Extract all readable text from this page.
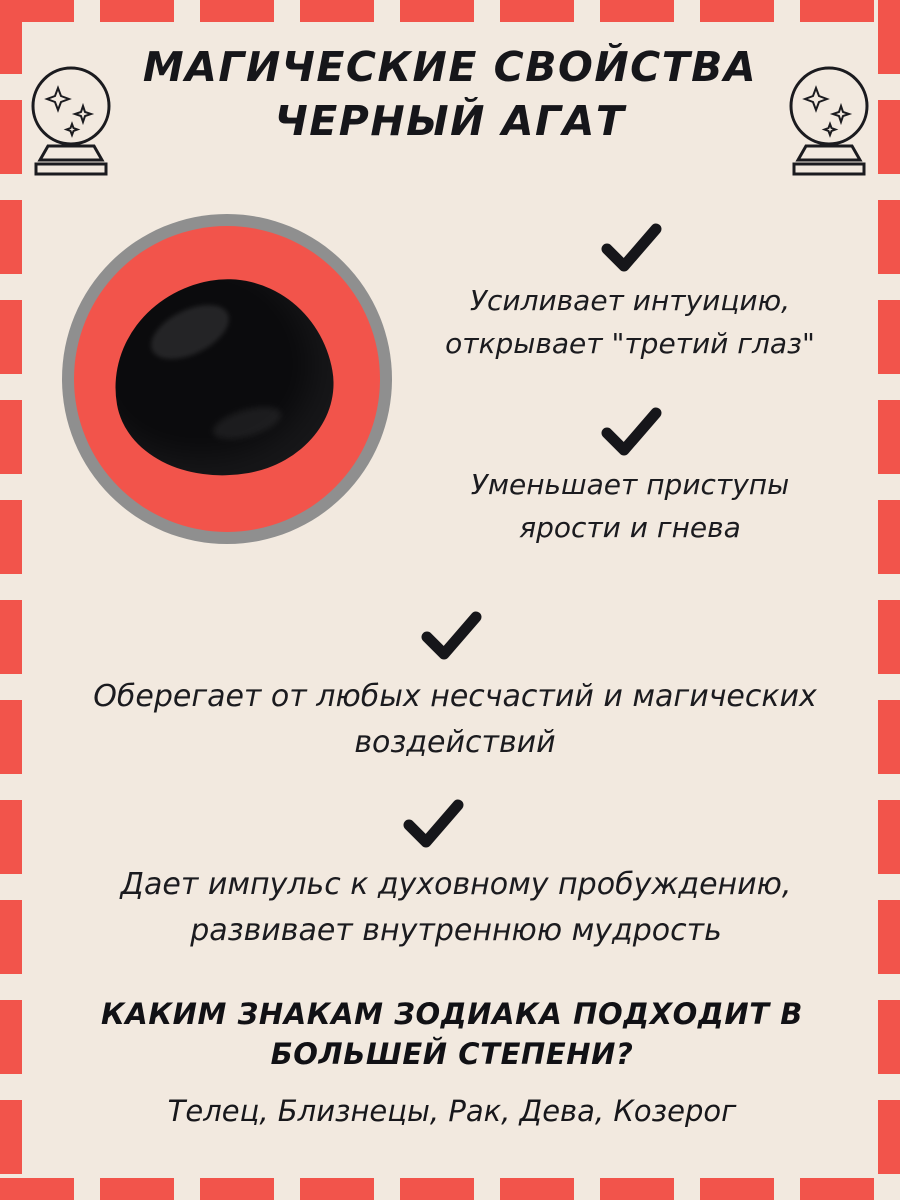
МАГИЧЕСКИЕ СВОЙСТВА
ЧЕРНЫЙ АГАТ
Усиливает интуицию, открывает "третий глаз"
Уменьшает приступы ярости и гнева
Оберегает от любых несчастий и магических воздействий
Дает импульс к духовному пробуждению, развивает внутреннюю мудрость
КАКИМ ЗНАКАМ ЗОДИАКА ПОДХОДИТ В БОЛЬШЕЙ СТЕПЕНИ?
Телец, Близнецы, Рак, Дева, Козерог
